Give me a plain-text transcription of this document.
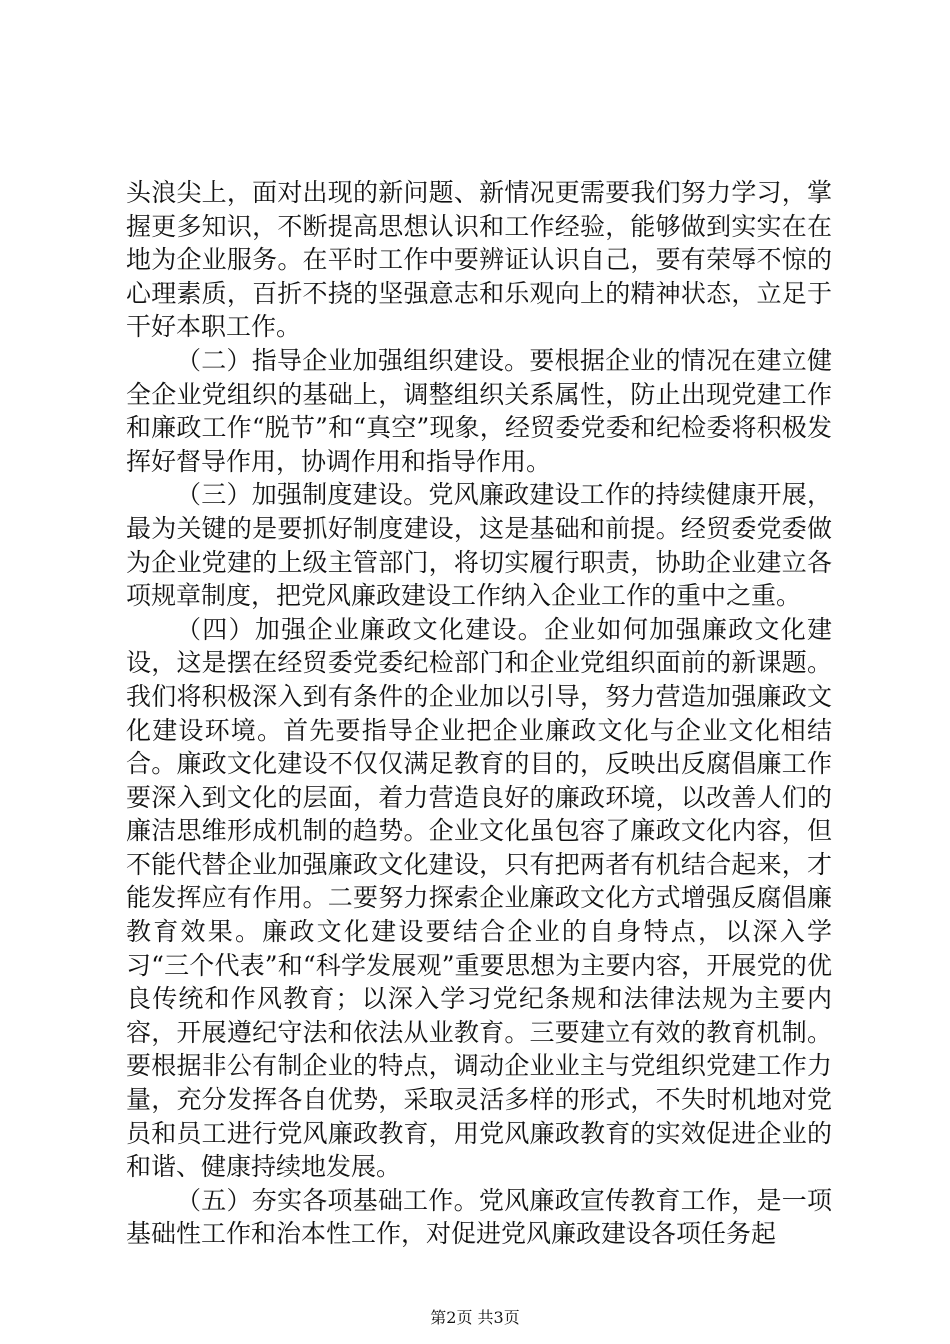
头浪尖上，面对出现的新问题、新情况更需要我们努力学习，掌握更多知识，不断提高思想认识和工作经验，能够做到实实在在地为企业服务。在平时工作中要辨证认识自己，要有荣辱不惊的心理素质，百折不挠的坚强意志和乐观向上的精神状态，立足于干好本职工作。

（二）指导企业加强组织建设。要根据企业的情况在建立健全企业党组织的基础上，调整组织关系属性，防止出现党建工作和廉政工作“脱节”和“真空”现象，经贸委党委和纪检委将积极发挥好督导作用，协调作用和指导作用。

（三）加强制度建设。党风廉政建设工作的持续健康开展，最为关键的是要抓好制度建设，这是基础和前提。经贸委党委做为企业党建的上级主管部门，将切实履行职责，协助企业建立各项规章制度，把党风廉政建设工作纳入企业工作的重中之重。

（四）加强企业廉政文化建设。企业如何加强廉政文化建设，这是摆在经贸委党委纪检部门和企业党组织面前的新课题。我们将积极深入到有条件的企业加以引导，努力营造加强廉政文化建设环境。首先要指导企业把企业廉政文化与企业文化相结合。廉政文化建设不仅仅满足教育的目的，反映出反腐倡廉工作要深入到文化的层面，着力营造良好的廉政环境，以改善人们的廉洁思维形成机制的趋势。企业文化虽包容了廉政文化内容，但不能代替企业加强廉政文化建设，只有把两者有机结合起来，才能发挥应有作用。二要努力探索企业廉政文化方式增强反腐倡廉教育效果。廉政文化建设要结合企业的自身特点，以深入学习“三个代表”和“科学发展观”重要思想为主要内容，开展党的优良传统和作风教育；以深入学习党纪条规和法律法规为主要内容，开展遵纪守法和依法从业教育。三要建立有效的教育机制。要根据非公有制企业的特点，调动企业业主与党组织党建工作力量，充分发挥各自优势，采取灵活多样的形式，不失时机地对党员和员工进行党风廉政教育，用党风廉政教育的实效促进企业的和谐、健康持续地发展。

（五）夯实各项基础工作。党风廉政宣传教育工作，是一项基础性工作和治本性工作，对促进党风廉政建设各项任务起

第2页 共3页
